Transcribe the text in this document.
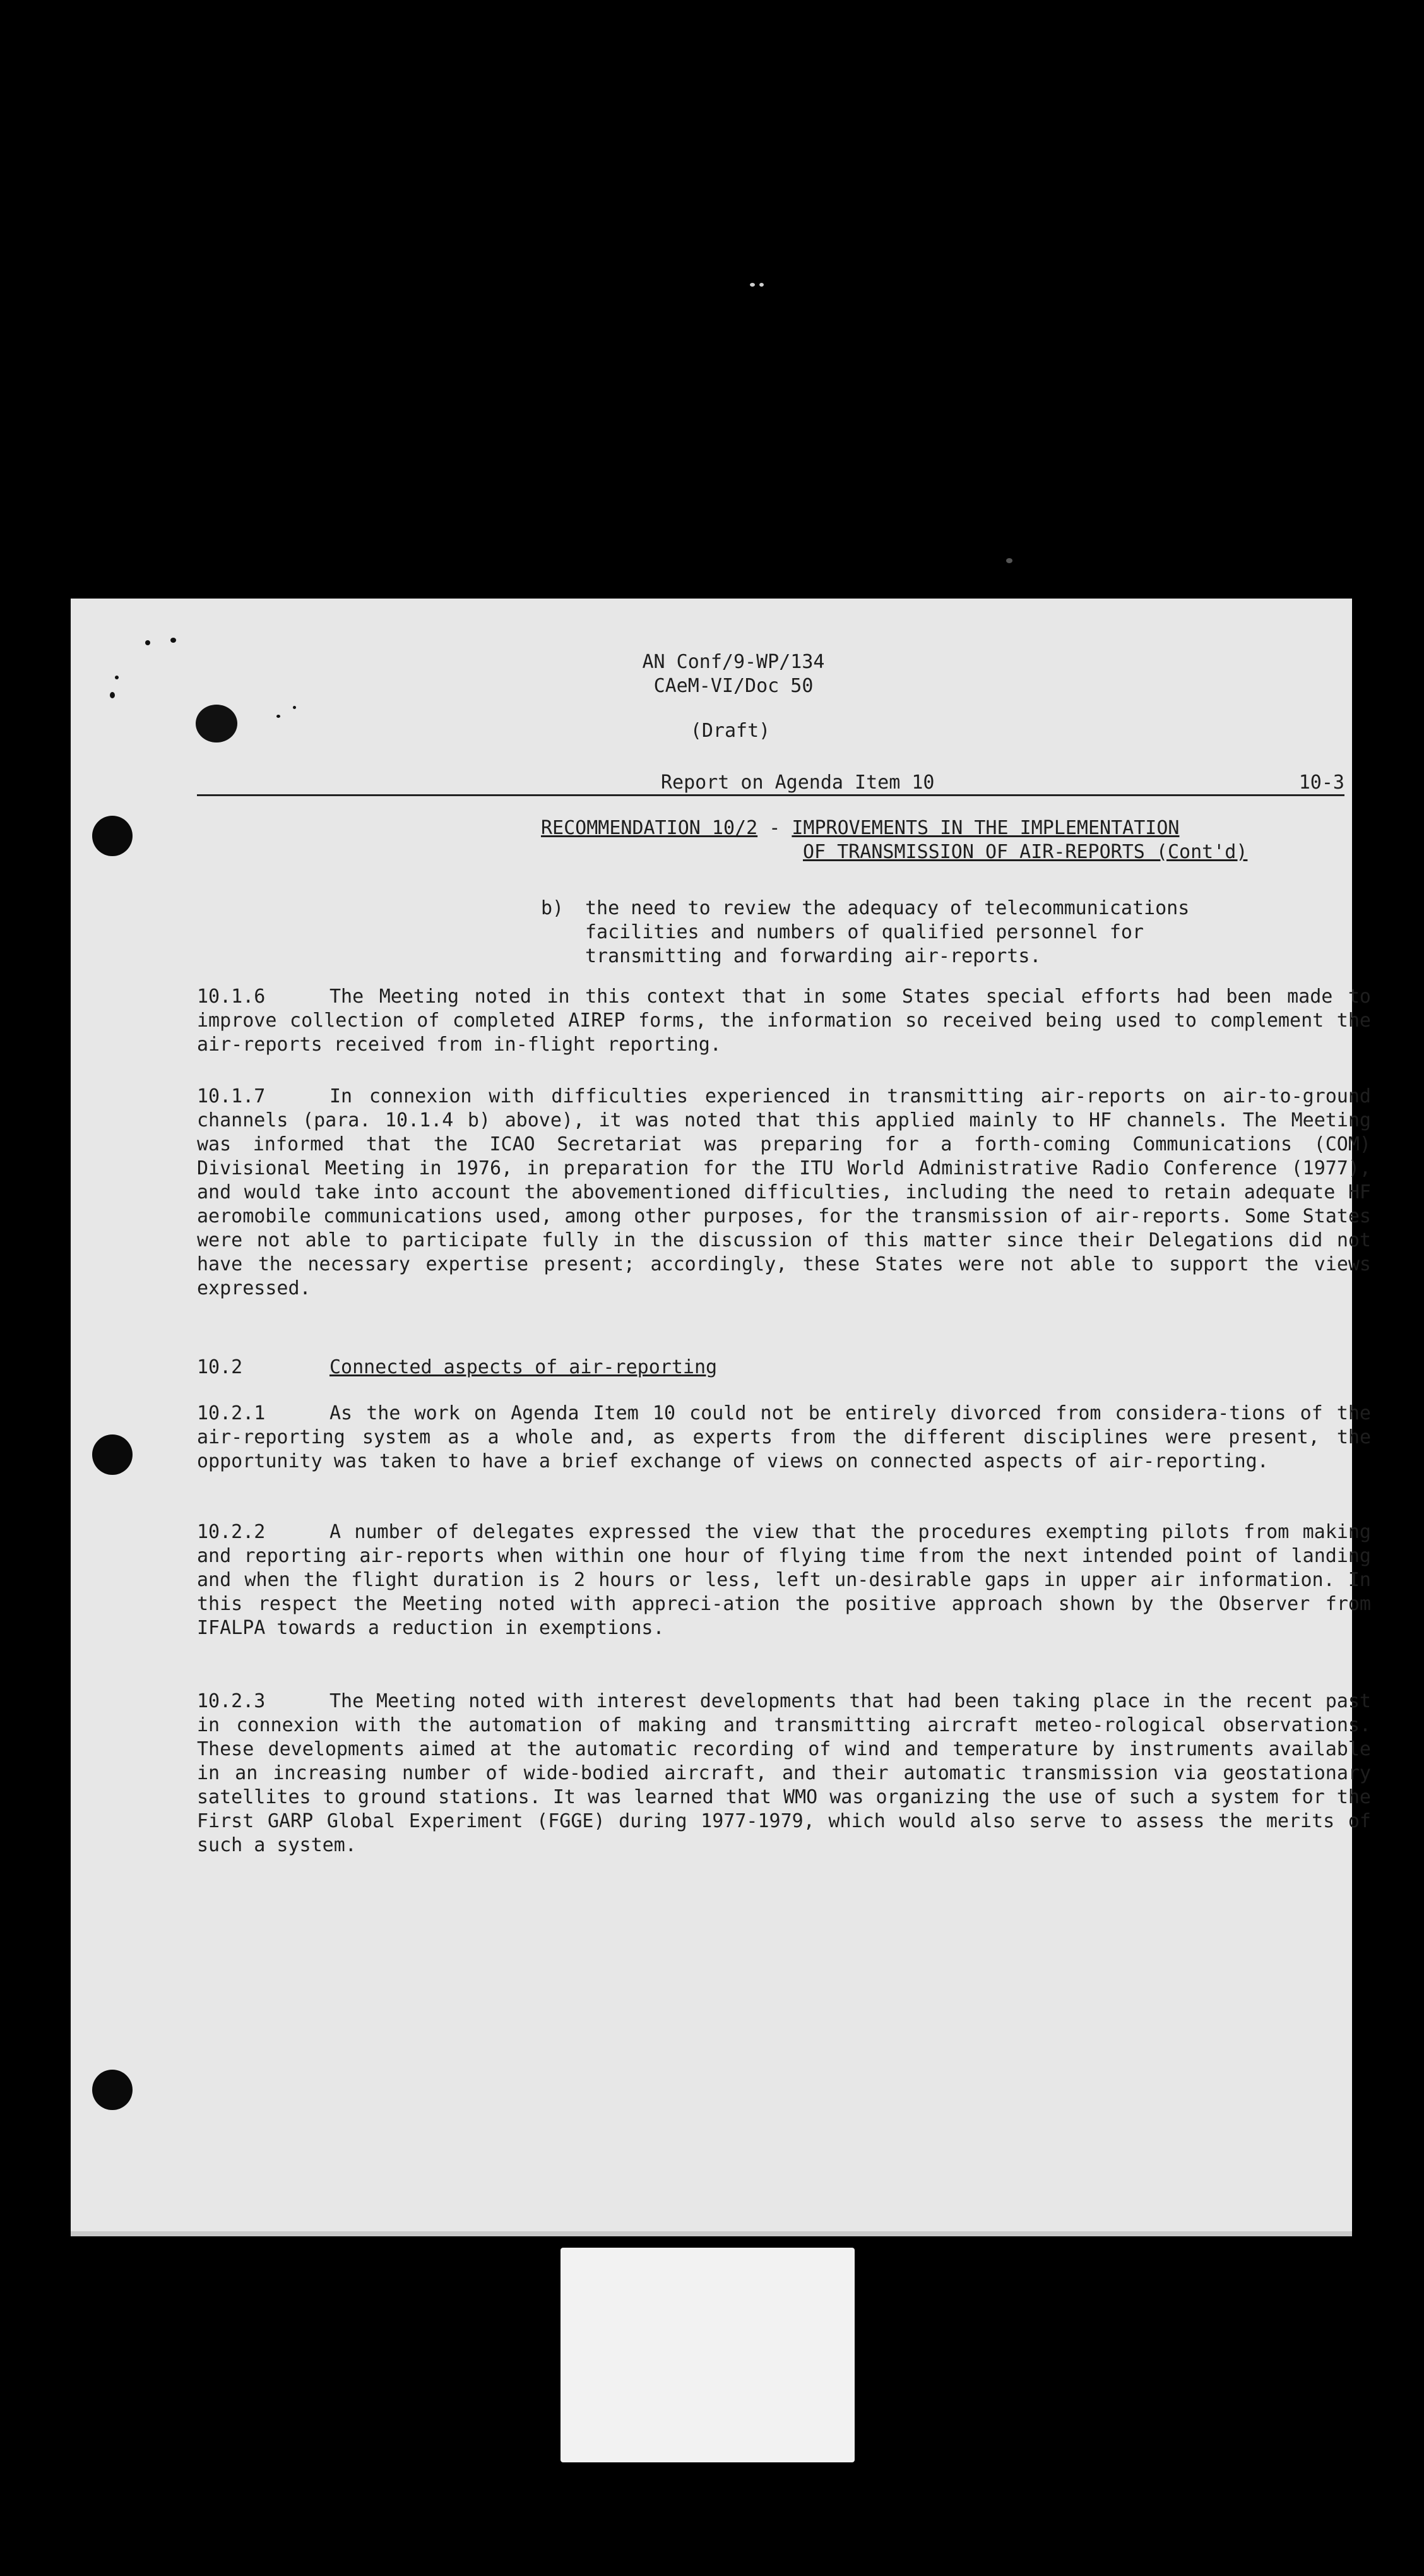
AN Conf/9-WP/134
CAeM-VI/Doc 50
(Draft)
Report on Agenda Item 10	10-3
RECOMMENDATION 10/2 - IMPROVEMENTS IN THE IMPLEMENTATION
OF TRANSMISSION OF AIR-REPORTS (Cont'd)
b) the need to review the adequacy of telecommunications facilities and numbers of qualified personnel for transmitting and forwarding air-reports.
10.1.6	The Meeting noted in this context that in some States special efforts had been made to improve collection of completed AIREP forms, the information so received being used to complement the air-reports received from in-flight reporting.
10.1.7	In connexion with difficulties experienced in transmitting air-reports on air-to-ground channels (para. 10.1.4 b) above), it was noted that this applied mainly to HF channels. The Meeting was informed that the ICAO Secretariat was preparing for a forth-coming Communications (COM) Divisional Meeting in 1976, in preparation for the ITU World Administrative Radio Conference (1977), and would take into account the abovementioned difficulties, including the need to retain adequate HF aeromobile communications used, among other purposes, for the transmission of air-reports. Some States were not able to participate fully in the discussion of this matter since their Delegations did not have the necessary expertise present; accordingly, these States were not able to support the views expressed.
10.2	Connected aspects of air-reporting
10.2.1	As the work on Agenda Item 10 could not be entirely divorced from considera-tions of the air-reporting system as a whole and, as experts from the different disciplines were present, the opportunity was taken to have a brief exchange of views on connected aspects of air-reporting.
10.2.2	A number of delegates expressed the view that the procedures exempting pilots from making and reporting air-reports when within one hour of flying time from the next intended point of landing and when the flight duration is 2 hours or less, left un-desirable gaps in upper air information. In this respect the Meeting noted with appreci-ation the positive approach shown by the Observer from IFALPA towards a reduction in exemptions.
10.2.3	The Meeting noted with interest developments that had been taking place in the recent past in connexion with the automation of making and transmitting aircraft meteo-rological observations. These developments aimed at the automatic recording of wind and temperature by instruments available in an increasing number of wide-bodied aircraft, and their automatic transmission via geostationary satellites to ground stations. It was learned that WMO was organizing the use of such a system for the First GARP Global Experiment (FGGE) during 1977-1979, which would also serve to assess the merits of such a system.
